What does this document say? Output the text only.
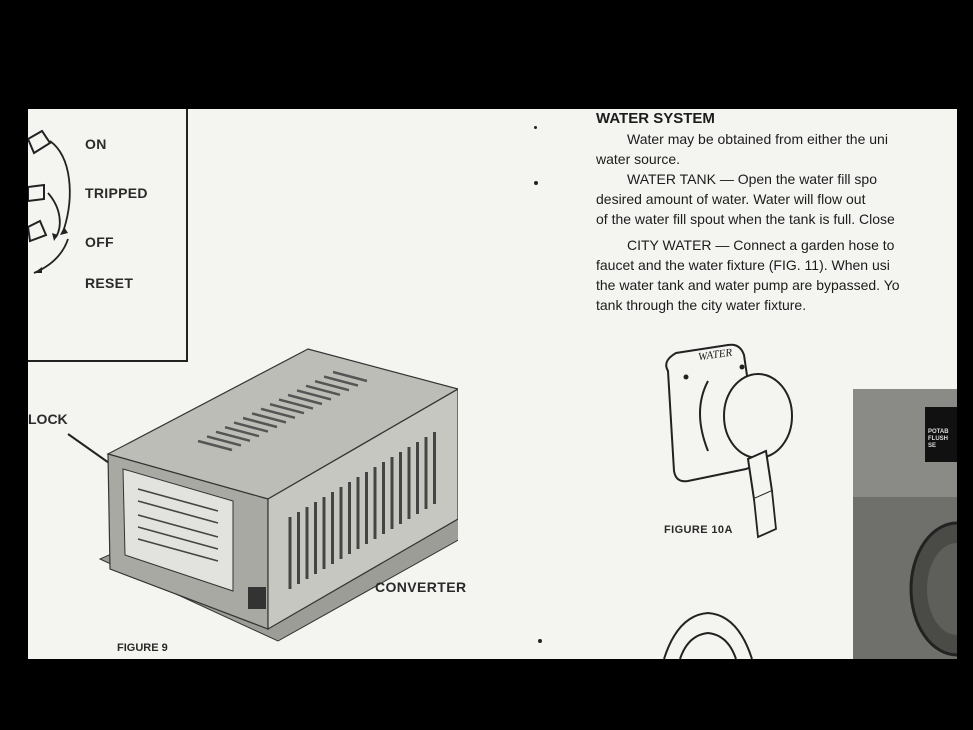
ON
TRIPPED
OFF
RESET
LOCK
CONVERTER
FIGURE 9

WATER SYSTEM

Water may be obtained from either the uni

water source.

WATER TANK — Open the water fill spo

desired amount of water. Water will flow out

of the water fill spout when the tank is full. Close

CITY WATER — Connect a garden hose to

faucet and the water fixture (FIG. 11). When usi

the water tank and water pump are bypassed. Yo

tank through the city water fixture.

WATER
FIGURE 10A
POTAB
FLUSH
SE
